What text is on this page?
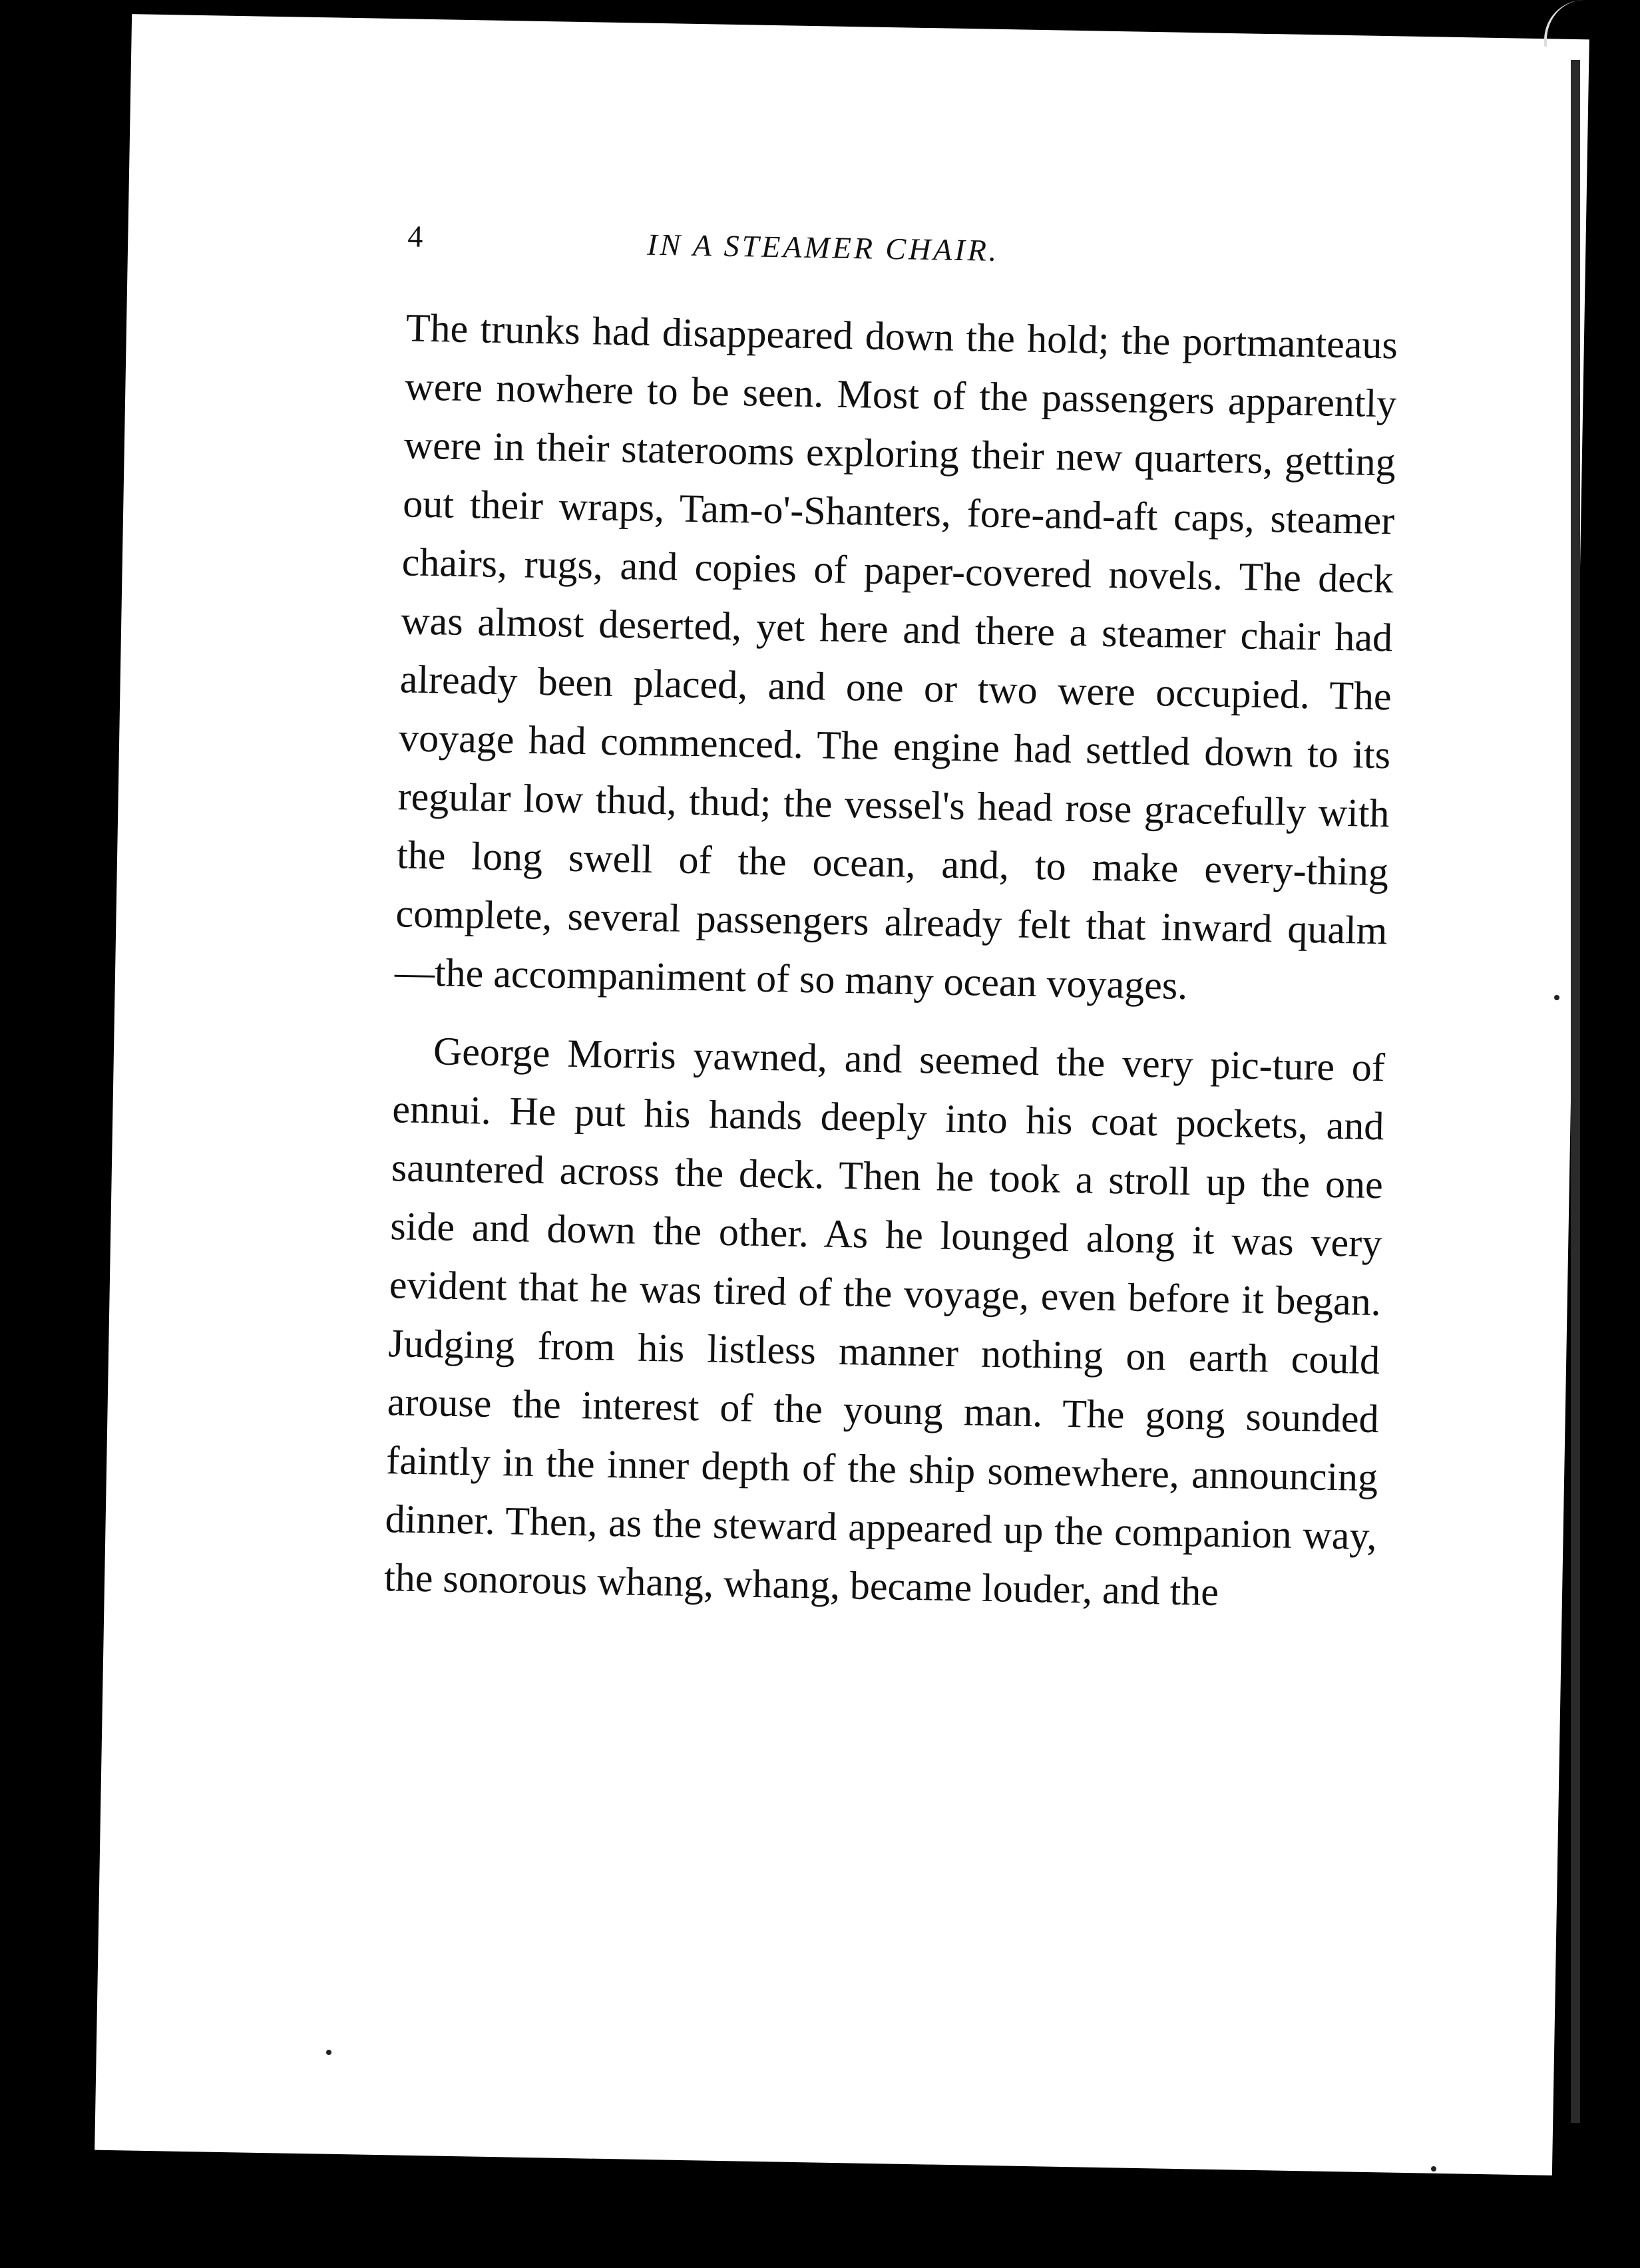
4	IN A STEAMER CHAIR.

The trunks had disappeared down the hold; the portmanteaus were nowhere to be seen. Most of the passengers apparently were in their staterooms exploring their new quarters, getting out their wraps, Tam-o'-Shanters, fore-and-aft caps, steamer chairs, rugs, and copies of paper-covered novels. The deck was almost deserted, yet here and there a steamer chair had already been placed, and one or two were occupied. The voyage had commenced. The engine had settled down to its regular low thud, thud; the vessel's head rose gracefully with the long swell of the ocean, and, to make every-thing complete, several passengers already felt that inward qualm—the accompaniment of so many ocean voyages.

George Morris yawned, and seemed the very pic-ture of ennui. He put his hands deeply into his coat pockets, and sauntered across the deck. Then he took a stroll up the one side and down the other. As he lounged along it was very evident that he was tired of the voyage, even before it began. Judging from his listless manner nothing on earth could arouse the interest of the young man. The gong sounded faintly in the inner depth of the ship somewhere, announcing dinner. Then, as the steward appeared up the companion way, the sonorous whang, whang, became louder, and the
